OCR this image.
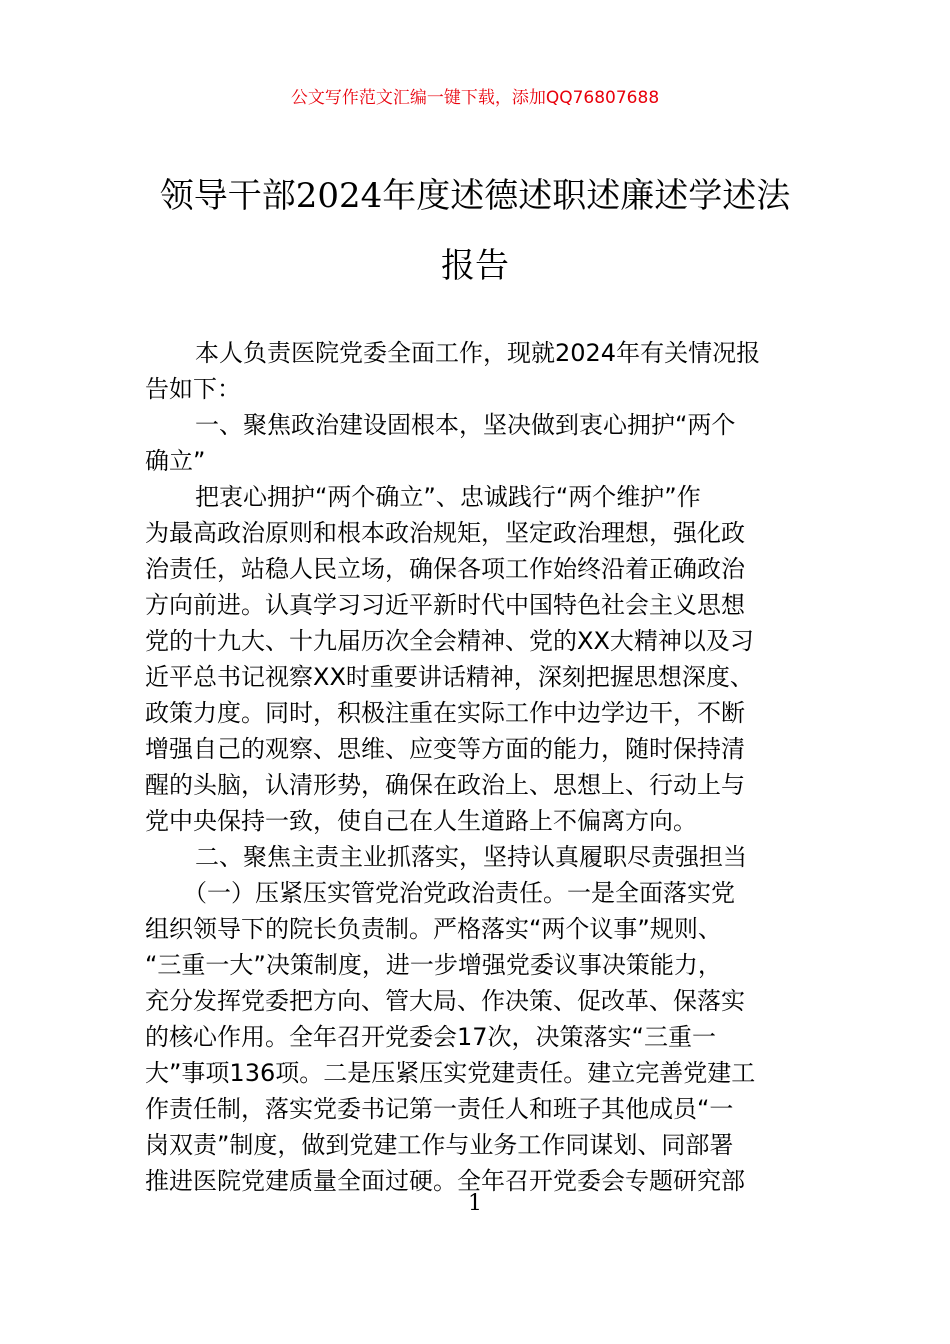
公文写作范文汇编一键下载，添加QQ76807688
领导干部2024年度述德述职述廉述学述法
报告
本人负责医院党委全面工作，现就2024年有关情况报
告如下：
一、聚焦政治建设固根本，坚决做到衷心拥护“两个
确立”
把衷心拥护“两个确立”、忠诚践行“两个维护”作
为最高政治原则和根本政治规矩，坚定政治理想，强化政
治责任，站稳人民立场，确保各项工作始终沿着正确政治
方向前进。认真学习习近平新时代中国特色社会主义思想
党的十九大、十九届历次全会精神、党的XX大精神以及习
近平总书记视察XX时重要讲话精神，深刻把握思想深度、
政策力度。同时，积极注重在实际工作中边学边干，不断
增强自己的观察、思维、应变等方面的能力，随时保持清
醒的头脑，认清形势，确保在政治上、思想上、行动上与
党中央保持一致，使自己在人生道路上不偏离方向。
二、聚焦主责主业抓落实，坚持认真履职尽责强担当
（一）压紧压实管党治党政治责任。一是全面落实党
组织领导下的院长负责制。严格落实“两个议事”规则、
“三重一大”决策制度，进一步增强党委议事决策能力，
充分发挥党委把方向、管大局、作决策、促改革、保落实
的核心作用。全年召开党委会17次，决策落实“三重一
大”事项136项。二是压紧压实党建责任。建立完善党建工
作责任制，落实党委书记第一责任人和班子其他成员“一
岗双责”制度，做到党建工作与业务工作同谋划、同部署
推进医院党建质量全面过硬。全年召开党委会专题研究部
1
